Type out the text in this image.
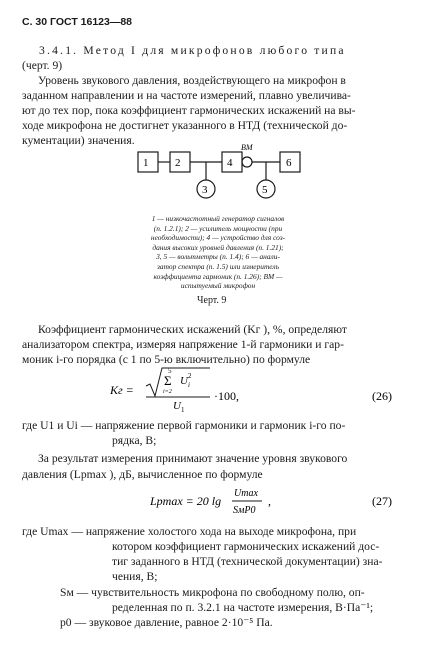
С. 30 ГОСТ 16123—88
3.4.1. Метод I для микрофонов любого типа
(черт. 9)
Уровень звукового давления, воздействующего на микрофон в
заданном направлении и на частоте измерений, плавно увеличива-
ют до тех пор, пока коэффициент гармонических искажений на вы-
ходе микрофона не достигнет указанного в НТД (технической до-
кументации) значения.
1 2	4	6
3	5
ВМ
1 — низкочастотный генератор сигналов
(п. 1.2.1); 2 — усилитель мощности (при
необходимости); 4 — устройство для соз-
дания высоких уровней давления (п. 1.21);
3, 5 — вольтметры (п. 1.4); 6 — анали-
затор спектра (п. 1.5) или измеритель
коэффициента гармоник (п. 1.26); ВМ —
испытуемый микрофон
Черт. 9
Коэффициент гармонических искажений (Kг ), %, определяют
анализатором спектра, измеряя напряжение 1-й гармоники и гар-
моник i-го порядка (с 1 по 5-ю включительно) по формуле
Kг =
5
Σ
i=2
U i
2
U 1
·100,	(26)
где U1 и Ui — напряжение первой гармоники и гармоник i-го по-
рядка, В;
За результат измерения принимают значение уровня звукового
давления (Lpmax ), дБ, вычисленное по формуле
Lpmax = 20 lg
Umax
SмP0
,	(27)
где Umax — напряжение холостого хода на выходе микрофона, при
котором коэффициент гармонических искажений дос-
тиг заданного в НТД (технической документации) зна-
чения, В;
Sм — чувствительность микрофона по свободному полю, оп-
ределенная по п. 3.2.1 на частоте измерения, В·Па⁻¹;
p0 — звуковое давление, равное 2·10⁻⁵ Па.
